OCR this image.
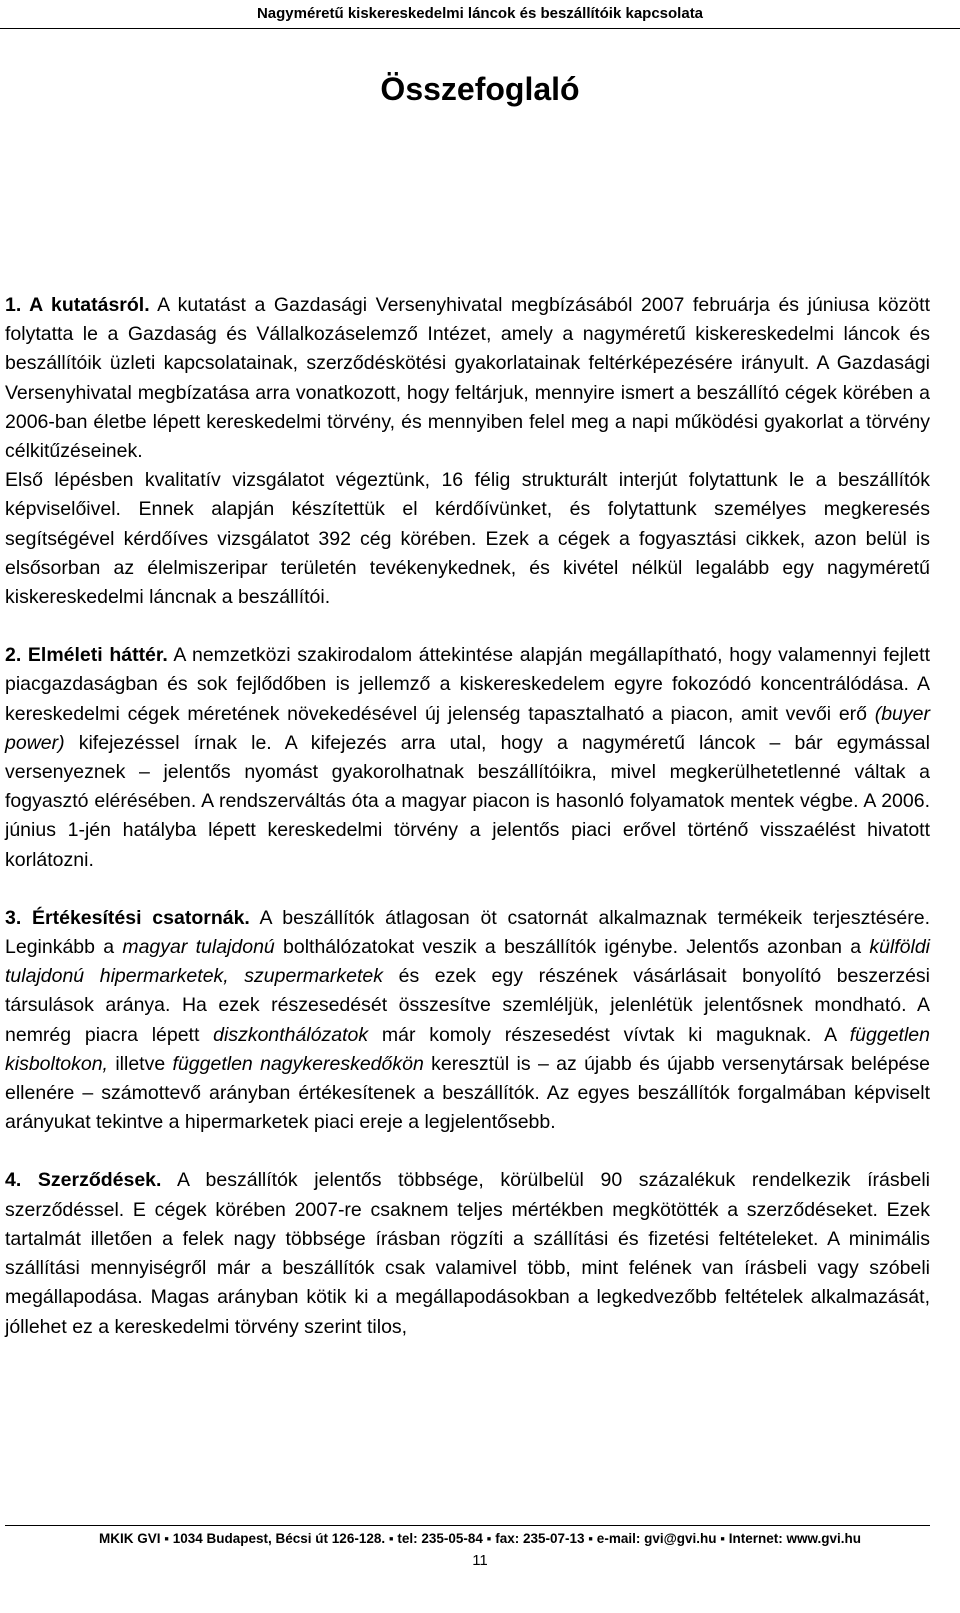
Nagyméretű kiskereskedelmi láncok és beszállítóik kapcsolata
Összefoglaló

1. A kutatásról. A kutatást a Gazdasági Versenyhivatal megbízásából 2007 februárja és júniusa között folytatta le a Gazdaság és Vállalkozáselemző Intézet, amely a nagyméretű kiskereskedelmi láncok és beszállítóik üzleti kapcsolatainak, szerződéskötési gyakorlatainak feltérképezésére irányult. A Gazdasági Versenyhivatal megbízatása arra vonatkozott, hogy feltárjuk, mennyire ismert a beszállító cégek körében a 2006-ban életbe lépett kereskedelmi törvény, és mennyiben felel meg a napi működési gyakorlat a törvény célkitűzéseinek.
Első lépésben kvalitatív vizsgálatot végeztünk, 16 félig strukturált interjút folytattunk le a beszállítók képviselőivel. Ennek alapján készítettük el kérdőívünket, és folytattunk személyes megkeresés segítségével kérdőíves vizsgálatot 392 cég körében. Ezek a cégek a fogyasztási cikkek, azon belül is elsősorban az élelmiszeripar területén tevékenykednek, és kivétel nélkül legalább egy nagyméretű kiskereskedelmi láncnak a beszállítói.

2. Elméleti háttér. A nemzetközi szakirodalom áttekintése alapján megállapítható, hogy valamennyi fejlett piacgazdaságban és sok fejlődőben is jellemző a kiskereskedelem egyre fokozódó koncentrálódása. A kereskedelmi cégek méretének növekedésével új jelenség tapasztalható a piacon, amit vevői erő (buyer power) kifejezéssel írnak le. A kifejezés arra utal, hogy a nagyméretű láncok – bár egymással versenyeznek – jelentős nyomást gyakorolhatnak beszállítóikra, mivel megkerülhetetlenné váltak a fogyasztó elérésében. A rendszerváltás óta a magyar piacon is hasonló folyamatok mentek végbe. A 2006. június 1-jén hatályba lépett kereskedelmi törvény a jelentős piaci erővel történő visszaélést hivatott korlátozni.

3. Értékesítési csatornák. A beszállítók átlagosan öt csatornát alkalmaznak termékeik terjesztésére. Leginkább a magyar tulajdonú bolthálózatokat veszik a beszállítók igénybe. Jelentős azonban a külföldi tulajdonú hipermarketek, szupermarketek és ezek egy részének vásárlásait bonyolító beszerzési társulások aránya. Ha ezek részesedését összesítve szemléljük, jelenlétük jelentősnek mondható. A nemrég piacra lépett diszkonthálózatok már komoly részesedést vívtak ki maguknak. A független kisboltokon, illetve független nagykereskedőkön keresztül is – az újabb és újabb versenytársak belépése ellenére – számottevő arányban értékesítenek a beszállítók. Az egyes beszállítók forgalmában képviselt arányukat tekintve a hipermarketek piaci ereje a legjelentősebb.

4. Szerződések. A beszállítók jelentős többsége, körülbelül 90 százalékuk rendelkezik írásbeli szerződéssel. E cégek körében 2007-re csaknem teljes mértékben megkötötték a szerződéseket. Ezek tartalmát illetően a felek nagy többsége írásban rögzíti a szállítási és fizetési feltételeket. A minimális szállítási mennyiségről már a beszállítók csak valamivel több, mint felének van írásbeli vagy szóbeli megállapodása. Magas arányban kötik ki a megállapodásokban a legkedvezőbb feltételek alkalmazását, jóllehet ez a kereskedelmi törvény szerint tilos,

MKIK GVI ▪ 1034 Budapest, Bécsi út 126-128. ▪ tel: 235-05-84 ▪ fax: 235-07-13 ▪ e-mail: gvi@gvi.hu ▪ Internet: www.gvi.hu
11
